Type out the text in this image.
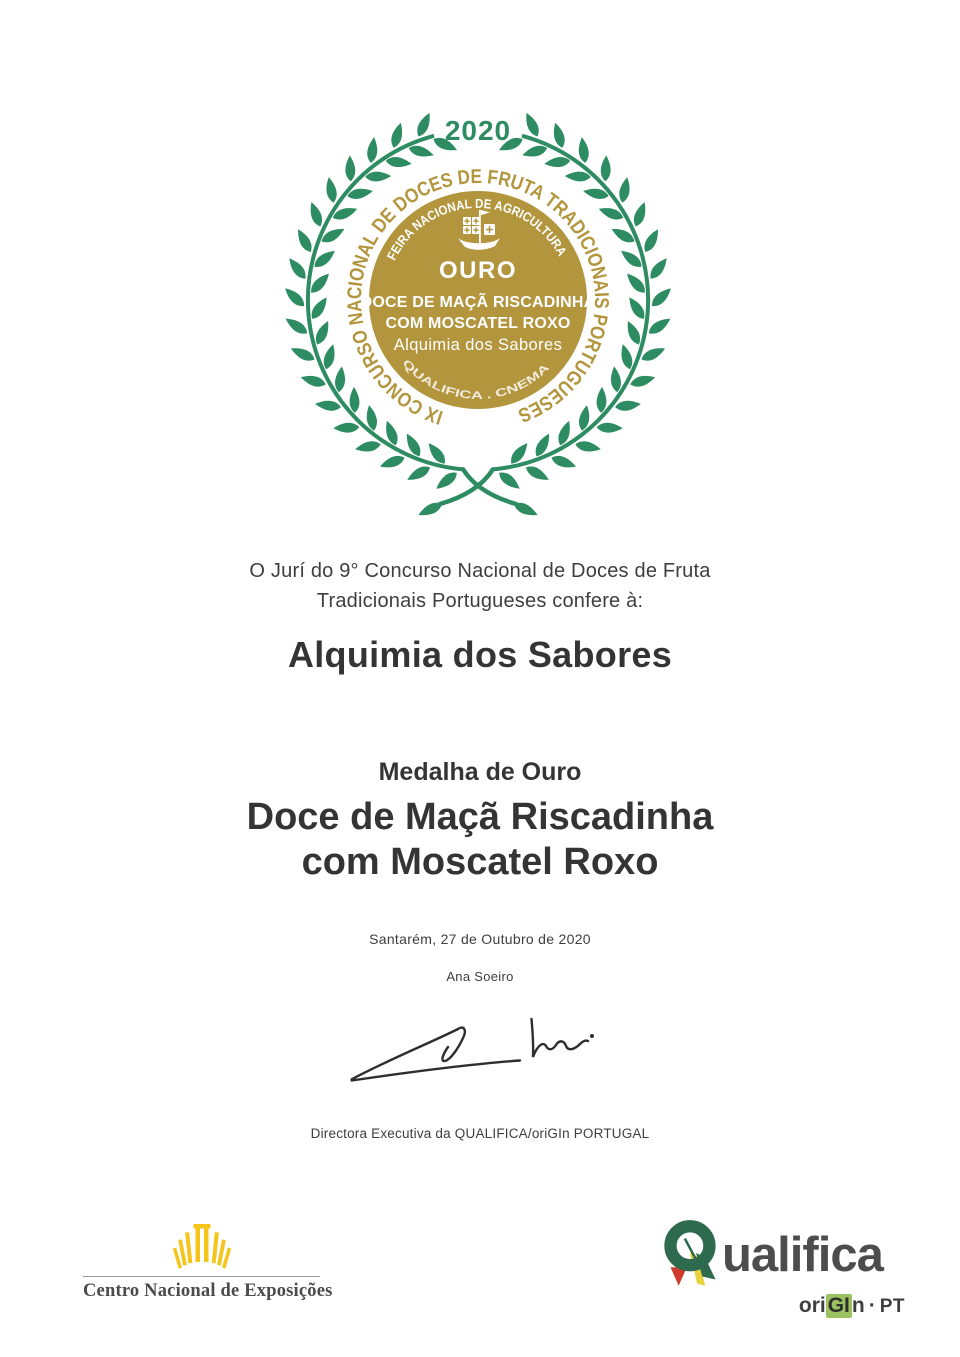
2020
IX CONCURSO NACIONAL DE DOCES DE FRUTA TRADICIONAIS PORTUGUESES
FEIRA NACIONAL DE AGRICULTURA
OURO
DOCE DE MAÇÃ RISCADINHA
COM MOSCATEL ROXO
Alquimia dos Sabores
QUALIFICA . CNEMA
O Jurí do 9° Concurso Nacional de Doces de Fruta
Tradicionais Portugueses confere à:
Alquimia dos Sabores
Medalha de Ouro
Doce de Maçã Riscadinha
com Moscatel Roxo
Santarém, 27 de Outubro de 2020
Ana Soeiro
Directora Executiva da QUALIFICA/oriGIn PORTUGAL
Centro Nacional de Exposições
ualifica
ori GI n · PT
